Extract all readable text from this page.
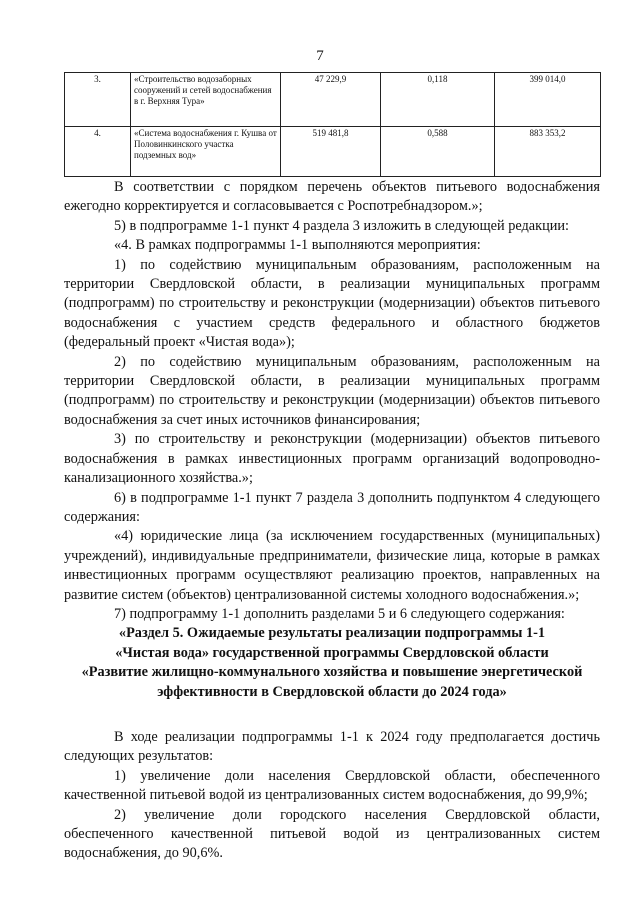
7
3.	«Строительство водозаборных сооружений и сетей водоснабжения в г. Верхняя Тура»	47 229,9	0,118	399 014,0
4.	«Система водоснабжения г. Кушва от Половинкинского участка подземных вод»	519 481,8	0,588	883 353,2

В соответствии с порядком перечень объектов питьевого водоснабжения ежегодно корректируется и согласовывается с Роспотребнадзором.»;

5) в подпрограмме 1-1 пункт 4 раздела 3 изложить в следующей редакции:

«4. В рамках подпрограммы 1-1 выполняются мероприятия:

1) по содействию муниципальным образованиям, расположенным на территории Свердловской области, в реализации муниципальных программ (подпрограмм) по строительству и реконструкции (модернизации) объектов питьевого водоснабжения с участием средств федерального и областного бюджетов (федеральный проект «Чистая вода»);

2) по содействию муниципальным образованиям, расположенным на территории Свердловской области, в реализации муниципальных программ (подпрограмм) по строительству и реконструкции (модернизации) объектов питьевого водоснабжения за счет иных источников финансирования;

3) по строительству и реконструкции (модернизации) объектов питьевого водоснабжения в рамках инвестиционных программ организаций водопроводно-канализационного хозяйства.»;

6) в подпрограмме 1-1 пункт 7 раздела 3 дополнить подпунктом 4 следующего содержания:

«4) юридические лица (за исключением государственных (муниципальных) учреждений), индивидуальные предприниматели, физические лица, которые в рамках инвестиционных программ осуществляют реализацию проектов, направленных на развитие систем (объектов) централизованной системы холодного водоснабжения.»;

7) подпрограмму 1-1 дополнить разделами 5 и 6 следующего содержания:

«Раздел 5. Ожидаемые результаты реализации подпрограммы 1-1

«Чистая вода» государственной программы Свердловской области

«Развитие жилищно-коммунального хозяйства и повышение энергетической эффективности в Свердловской области до 2024 года»

В ходе реализации подпрограммы 1-1 к 2024 году предполагается достичь следующих результатов:

1) увеличение доли населения Свердловской области, обеспеченного качественной питьевой водой из централизованных систем водоснабжения, до 99,9%;

2) увеличение доли городского населения Свердловской области, обеспеченного качественной питьевой водой из централизованных систем водоснабжения, до 90,6%.
